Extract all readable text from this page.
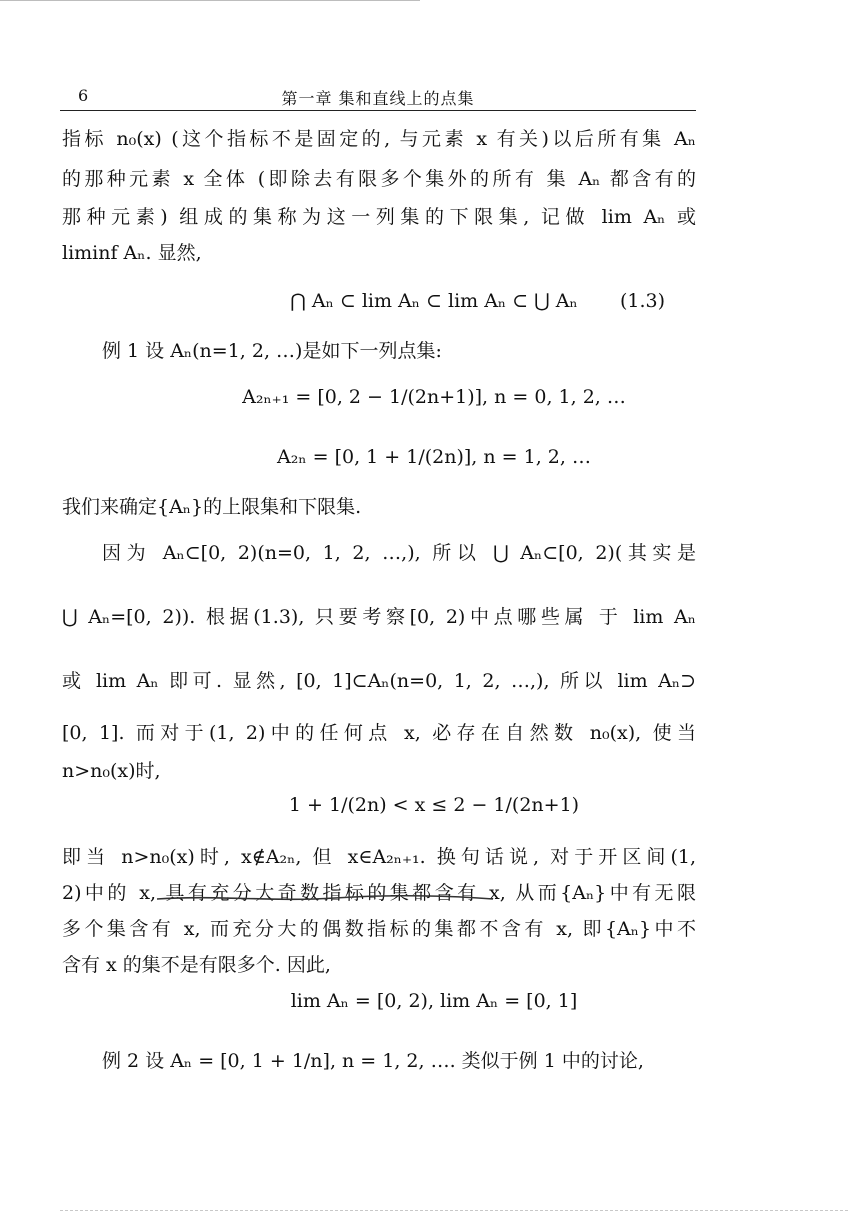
6	第一章 集和直线上的点集
指标 n₀(x) (这个指标不是固定的, 与元素 x 有关)以后所有集 Aₙ
的那种元素 x 全体 (即除去有限多个集外的所有 集 Aₙ 都含有的
那种元素) 组成的集称为这一列集的下限集, 记做 lim Aₙ 或
liminf Aₙ. 显然,
⋂ Aₙ ⊂ lim Aₙ ⊂ lim Aₙ ⊂ ⋃ Aₙ	(1.3)
例 1 设 Aₙ(n=1, 2, …)是如下一列点集:
A₂ₙ₊₁ = [0, 2 − 1/(2n+1)], n = 0, 1, 2, …
A₂ₙ = [0, 1 + 1/(2n)], n = 1, 2, …
我们来确定{Aₙ}的上限集和下限集.
因为 Aₙ⊂[0, 2)(n=0, 1, 2, …,), 所以 ⋃ Aₙ⊂[0, 2)(其实是
⋃ Aₙ=[0, 2)). 根据(1.3), 只要考察[0, 2)中点哪些属 于 lim Aₙ
或 lim Aₙ 即可. 显然, [0, 1]⊂Aₙ(n=0, 1, 2, …,), 所以 lim Aₙ⊃
[0, 1]. 而对于(1, 2)中的任何点 x, 必存在自然数 n₀(x), 使当
n>n₀(x)时,
1 + 1/(2n) < x ≤ 2 − 1/(2n+1)
即当 n>n₀(x)时, x∉A₂ₙ, 但 x∈A₂ₙ₊₁. 换句话说, 对于开区间(1,
2)中的 x, 具有充分大奇数指标的集都含有 x, 从而{Aₙ}中有无限
多个集含有 x, 而充分大的偶数指标的集都不含有 x, 即{Aₙ}中不
含有 x 的集不是有限多个. 因此,
lim Aₙ = [0, 2), lim Aₙ = [0, 1]
例 2 设 Aₙ = [0, 1 + 1/n], n = 1, 2, …. 类似于例 1 中的讨论,
